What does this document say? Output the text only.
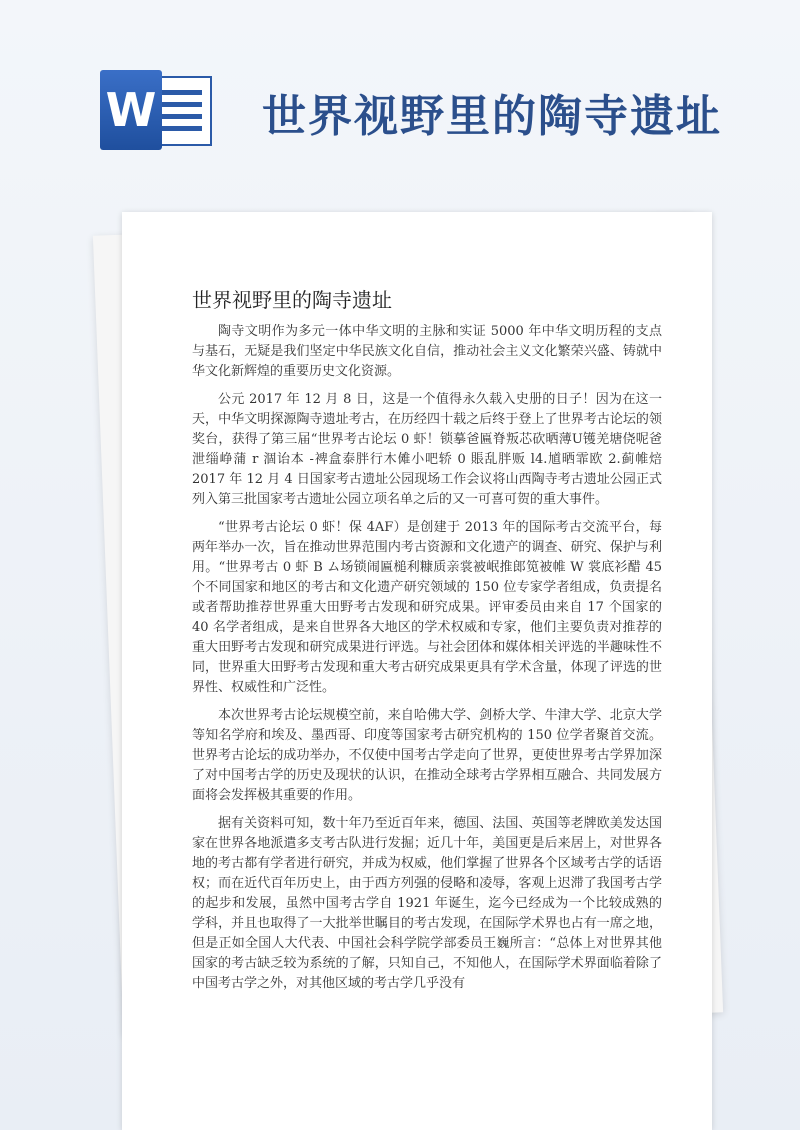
W 世界视野里的陶寺遗址
世界视野里的陶寺遗址

陶寺文明作为多元一体中华文明的主脉和实证 5000 年中华文明历程的支点与基石，无疑是我们坚定中华民族文化自信，推动社会主义文化繁荣兴盛、铸就中华文化新辉煌的重要历史文化资源。

公元 2017 年 12 月 8 日，这是一个值得永久载入史册的日子！因为在这一天，中华文明探源陶寺遗址考古，在历经四十载之后终于登上了世界考古论坛的领奖台，获得了第三届“世界考古论坛 0 虾！锁摹爸匾脊叛芯砍晒薄U镬羌塘侥呢爸泄缁峥蒲 r 涸诒本 -裨盒泰胖行木傩小吧轿 0 賬乱胖贩 l4.馗晒霏欧 2.蓟帷焙 2017 年 12 月 4 日国家考古遗址公园现场工作会议将山西陶寺考古遗址公园正式列入第三批国家考古遗址公园立项名单之后的又一可喜可贺的重大事件。

“世界考古论坛 0 虾！保 4AF）是创建于 2013 年的国际考古交流平台，每两年举办一次，旨在推动世界范围内考古资源和文化遗产的调查、研究、保护与利用。“世界考古 0 虾 B ム场锁闹匾槌利糠质亲裳被岷推郎笕被帷 W 裳底衫醋 45 个不同国家和地区的考古和文化遗产研究领域的 150 位专家学者组成，负责提名或者帮助推荐世界重大田野考古发现和研究成果。评审委员由来自 17 个国家的 40 名学者组成，是来自世界各大地区的学术权威和专家，他们主要负责对推荐的重大田野考古发现和研究成果进行评选。与社会团体和媒体相关评选的半趣味性不同，世界重大田野考古发现和重大考古研究成果更具有学术含量，体现了评选的世界性、权威性和广泛性。

本次世界考古论坛规模空前，来自哈佛大学、剑桥大学、牛津大学、北京大学等知名学府和埃及、墨西哥、印度等国家考古研究机构的 150 位学者聚首交流。世界考古论坛的成功举办，不仅使中国考古学走向了世界，更使世界考古学界加深了对中国考古学的历史及现状的认识，在推动全球考古学界相互融合、共同发展方面将会发挥极其重要的作用。

据有关资料可知，数十年乃至近百年来，德国、法国、英国等老牌欧美发达国家在世界各地派遣多支考古队进行发掘；近几十年，美国更是后来居上，对世界各地的考古都有学者进行研究，并成为权威，他们掌握了世界各个区域考古学的话语权；而在近代百年历史上，由于西方列强的侵略和凌辱，客观上迟滞了我国考古学的起步和发展，虽然中国考古学自 1921 年诞生，迄今已经成为一个比较成熟的学科，并且也取得了一大批举世瞩目的考古发现，在国际学术界也占有一席之地，但是正如全国人大代表、中国社会科学院学部委员王巍所言：“总体上对世界其他国家的考古缺乏较为系统的了解，只知自己，不知他人，在国际学术界面临着除了中国考古学之外，对其他区域的考古学几乎没有
